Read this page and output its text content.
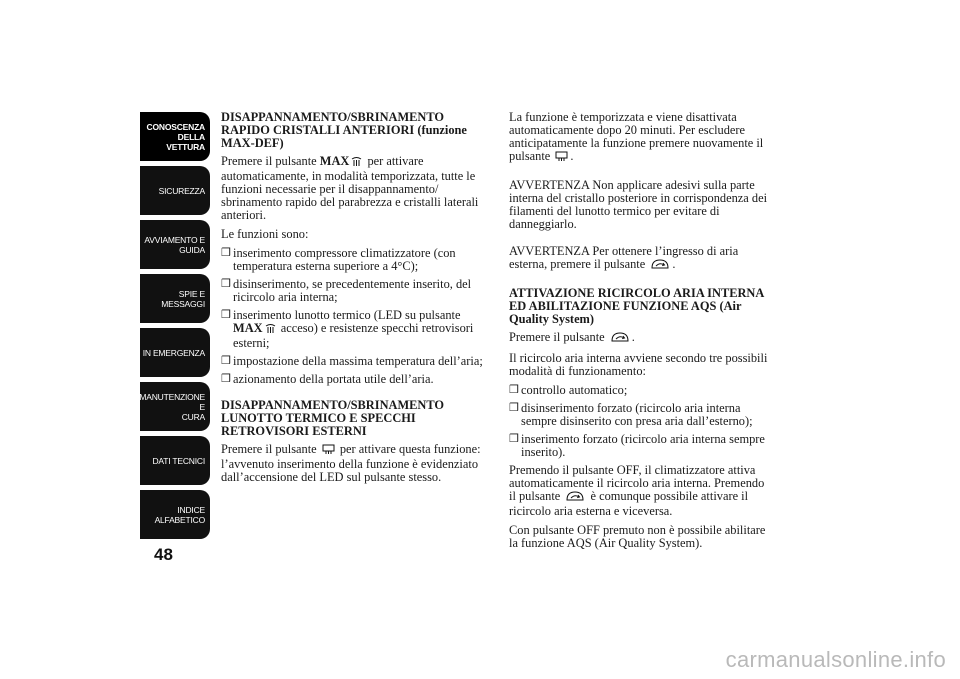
CONOSCENZA
DELLA VETTURA
SICUREZZA
AVVIAMENTO E
GUIDA
SPIE E MESSAGGI
IN EMERGENZA
MANUTENZIONE E
CURA
DATI TECNICI
INDICE
ALFABETICO
48
DISAPPANNAMENTO/SBRINAMENTO RAPIDO CRISTALLI ANTERIORI (funzione MAX-DEF)

Premere il pulsante MAX per attivare automaticamente, in modalità temporizzata, tutte le funzioni necessarie per il disappannamento/ sbrinamento rapido del parabrezza e cristalli laterali anteriori.

Le funzioni sono:

❒ inserimento compressore climatizzatore (con temperatura esterna superiore a 4°C);
❒ disinserimento, se precedentemente inserito, del ricircolo aria interna;
❒ inserimento lunotto termico (LED su pulsante MAX acceso) e resistenze specchi retrovisori esterni;
❒ impostazione della massima temperatura dell’aria;
❒ azionamento della portata utile dell’aria.
DISAPPANNAMENTO/SBRINAMENTO LUNOTTO TERMICO E SPECCHI RETROVISORI ESTERNI

Premere il pulsante  per attivare questa funzione: l’avvenuto inserimento della funzione è evidenziato dall’accensione del LED sul pulsante stesso.

La funzione è temporizzata e viene disattivata automaticamente dopo 20 minuti. Per escludere anticipatamente la funzione premere nuovamente il pulsante .

AVVERTENZA Non applicare adesivi sulla parte interna del cristallo posteriore in corrispondenza dei filamenti del lunotto termico per evitare di danneggiarlo.

AVVERTENZA Per ottenere l’ingresso di aria esterna, premere il pulsante .

ATTIVAZIONE RICIRCOLO ARIA INTERNA ED ABILITAZIONE FUNZIONE AQS (Air Quality System)

Premere il pulsante .

Il ricircolo aria interna avviene secondo tre possibili modalità di funzionamento:

❒ controllo automatico;
❒ disinserimento forzato (ricircolo aria interna sempre disinserito con presa aria dall’esterno);
❒ inserimento forzato (ricircolo aria interna sempre inserito).

Premendo il pulsante OFF, il climatizzatore attiva automaticamente il ricircolo aria interna. Premendo il pulsante  è comunque possibile attivare il ricircolo aria esterna e viceversa.

Con pulsante OFF premuto non è possibile abilitare la funzione AQS (Air Quality System).

carmanualsonline.info
